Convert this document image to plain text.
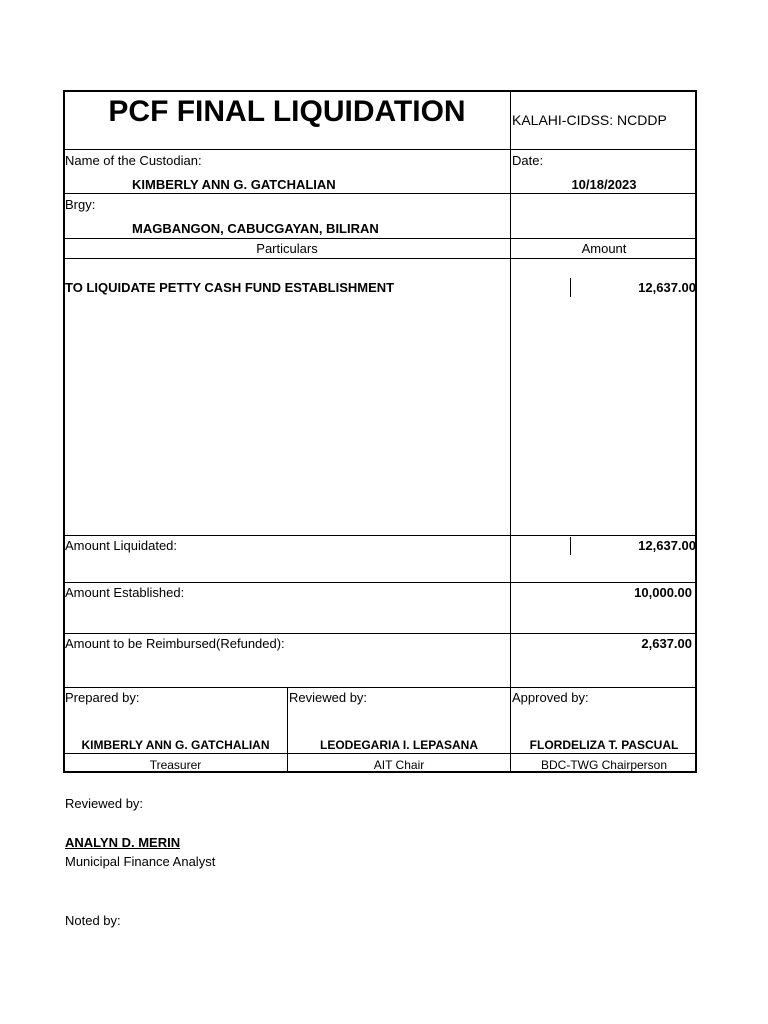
PCF FINAL LIQUIDATION	KALAHI-CIDSS: NCDDP
Name of the Custodian:
KIMBERLY ANN G. GATCHALIAN
Date:
10/18/2023
Brgy:
MAGBANGON, CABUCGAYAN, BILIRAN
Particulars	Amount
TO LIQUIDATE PETTY CASH FUND ESTABLISHMENT	12,637.00
Amount Liquidated:	12,637.00
Amount Established:	10,000.00
Amount to be Reimbursed(Refunded):	2,637.00
Prepared by:	Reviewed by:	Approved by:
KIMBERLY ANN G. GATCHALIAN	LEODEGARIA I. LEPASANA	FLORDELIZA T. PASCUAL
Treasurer	AIT Chair	BDC-TWG Chairperson
Reviewed by:
ANALYN D. MERIN
Municipal Finance Analyst
Noted by:
